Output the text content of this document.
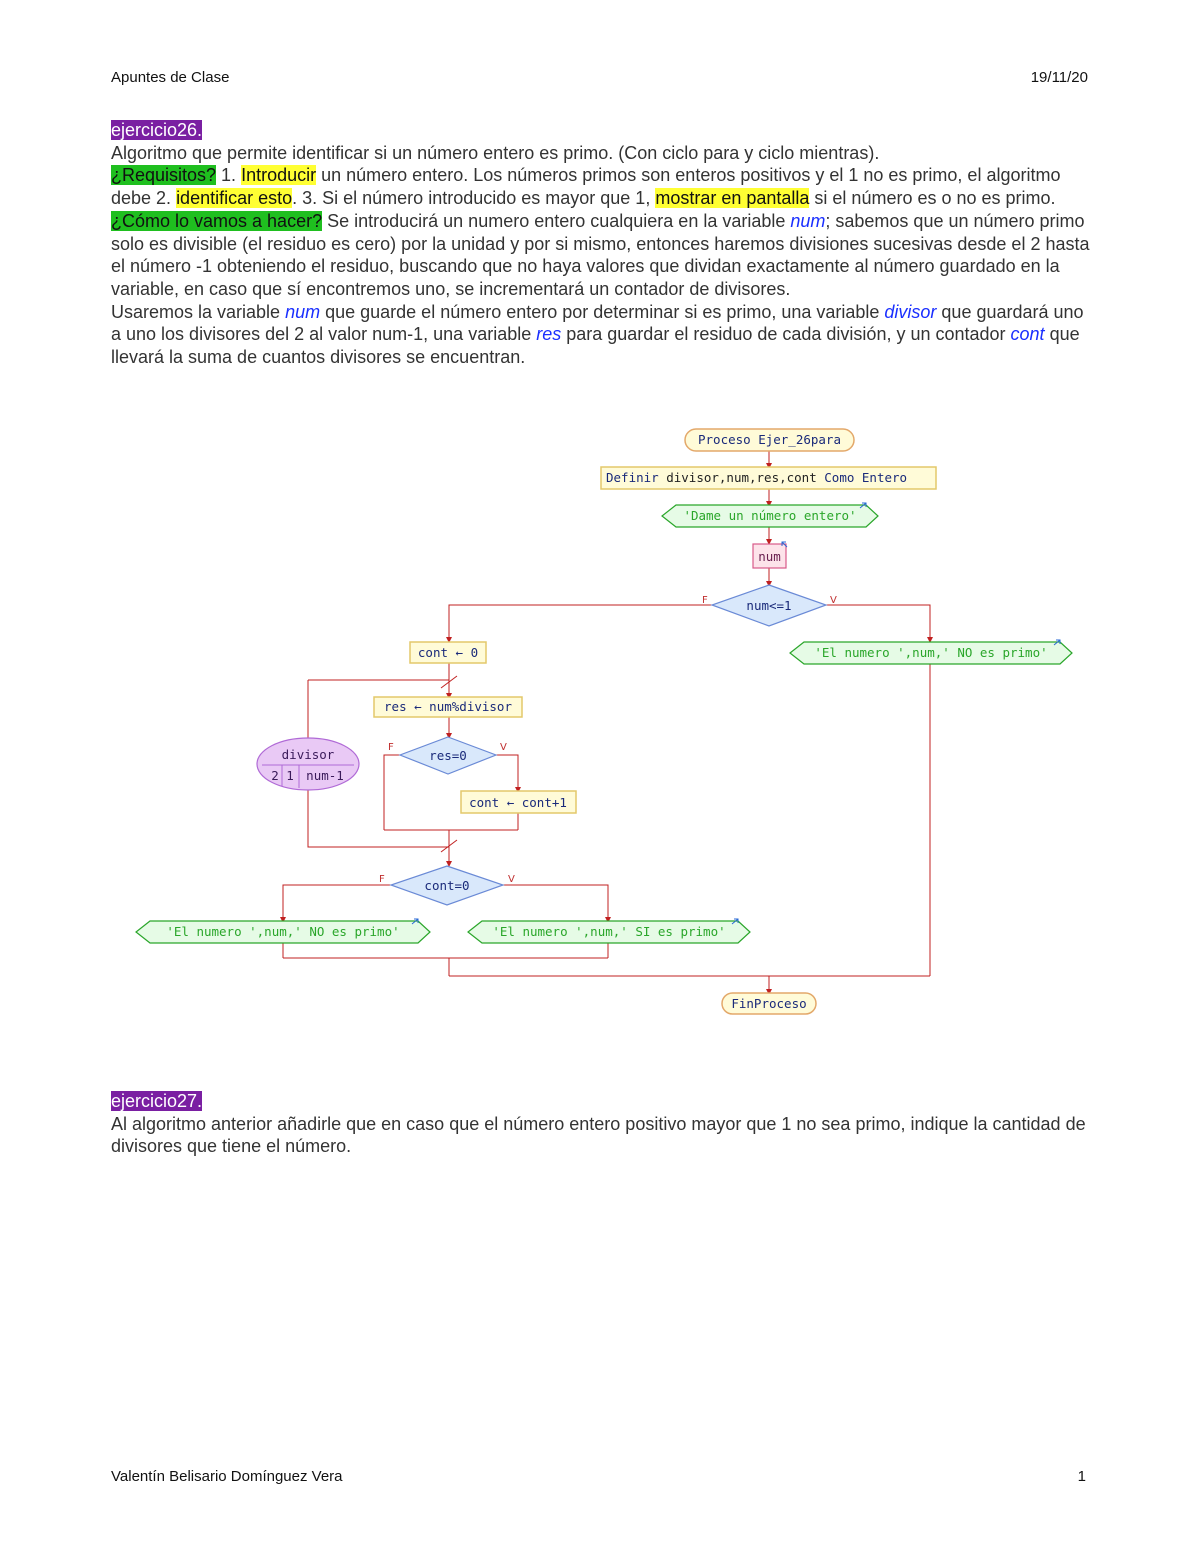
Apuntes de Clase	19/11/20

ejercicio26.

Algoritmo que permite identificar si un número entero es primo. (Con ciclo para y ciclo mientras).

¿Requisitos? 1. Introducir un número entero. Los números primos son enteros positivos y el 1 no es primo, el algoritmo debe 2. identificar esto. 3. Si el número introducido es mayor que 1, mostrar en pantalla si el número es o no es primo.

¿Cómo lo vamos a hacer? Se introducirá un numero entero cualquiera en la variable num; sabemos que un número primo solo es divisible (el residuo es cero) por la unidad y por si mismo, entonces haremos divisiones sucesivas desde el 2 hasta el número -1 obteniendo el residuo, buscando que no haya valores que dividan exactamente al número guardado en la variable, en caso que sí encontremos uno, se incrementará un contador de divisores.

Usaremos la variable num que guarde el número entero por determinar si es primo, una variable divisor que guardará uno a uno los divisores del 2 al valor num-1, una variable res para guardar el residuo de cada división, y un contador cont que llevará la suma de cuantos divisores se encuentran.

Proceso Ejer_26para
Definir divisor,num,res,cont Como Entero
'Dame un número entero'
num
num<=1
F	V
'El numero ',num,' NO es primo'
cont ← 0
res ← num%divisor
res=0
F	V
cont ← cont+1
divisor
2 1 num-1
cont=0
F	V
'El numero ',num,' NO es primo'	'El numero ',num,' SI es primo'
FinProceso

ejercicio27.

Al algoritmo anterior añadirle que en caso que el número entero positivo mayor que 1 no sea primo, indique la cantidad de divisores que tiene el número.

Valentín Belisario Domínguez Vera	1
